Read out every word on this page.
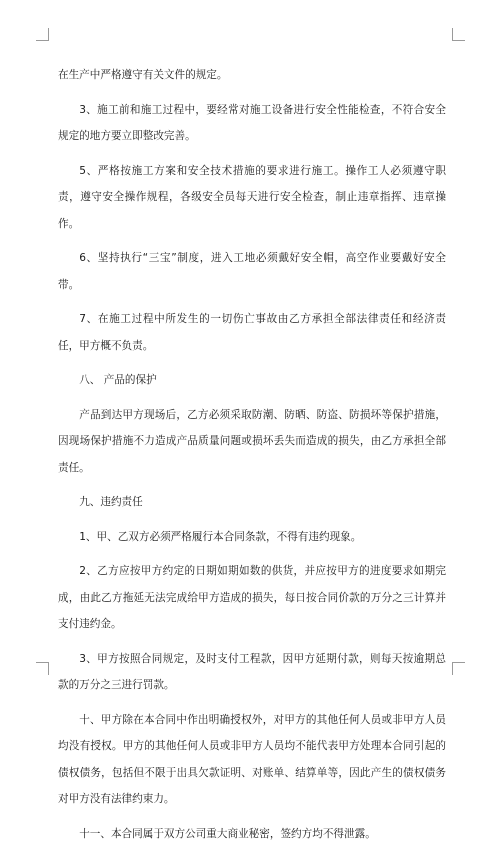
在生产中严格遵守有关文件的规定。

3、施工前和施工过程中，要经常对施工设备进行安全性能检查，不符合安全规定的地方要立即整改完善。

5、严格按施工方案和安全技术措施的要求进行施工。操作工人必须遵守职责，遵守安全操作规程，各级安全员每天进行安全检查，制止违章指挥、违章操作。

6、坚持执行“三宝”制度，进入工地必须戴好安全帽，高空作业要戴好安全带。

7、在施工过程中所发生的一切伤亡事故由乙方承担全部法律责任和经济责任，甲方概不负责。

八、 产品的保护

产品到达甲方现场后，乙方必须采取防潮、防晒、防盗、防损坏等保护措施，因现场保护措施不力造成产品质量问题或损坏丢失而造成的损失，由乙方承担全部责任。

九、违约责任

1、甲、乙双方必须严格履行本合同条款，不得有违约现象。

2、乙方应按甲方约定的日期如期如数的供货，并应按甲方的进度要求如期完成，由此乙方拖延无法完成给甲方造成的损失，每日按合同价款的万分之三计算并支付违约金。

3、甲方按照合同规定，及时支付工程款，因甲方延期付款，则每天按逾期总款的万分之三进行罚款。

十、甲方除在本合同中作出明确授权外，对甲方的其他任何人员或非甲方人员均没有授权。甲方的其他任何人员或非甲方人员均不能代表甲方处理本合同引起的债权债务，包括但不限于出具欠款证明、对账单、结算单等，因此产生的债权债务对甲方没有法律约束力。

十一、本合同属于双方公司重大商业秘密，签约方均不得泄露。
